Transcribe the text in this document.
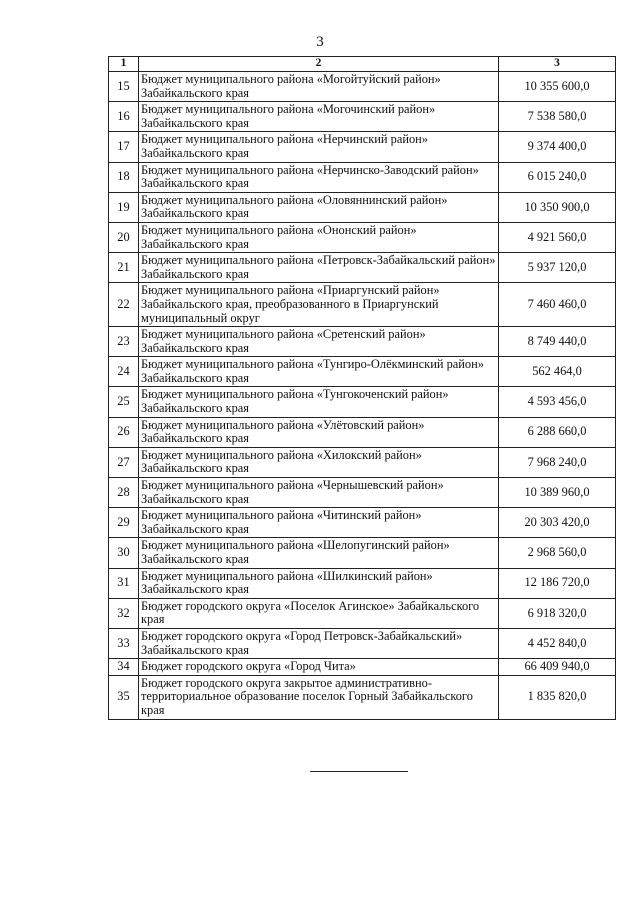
3
1	2	3
15	Бюджет муниципального района «Могойтуйский район» Забайкальского края	10 355 600,0
16	Бюджет муниципального района «Могочинский район» Забайкальского края	7 538 580,0
17	Бюджет муниципального района «Нерчинский район» Забайкальского края	9 374 400,0
18	Бюджет муниципального района «Нерчинско-Заводский район» Забайкальского края	6 015 240,0
19	Бюджет муниципального района «Оловяннинский район» Забайкальского края	10 350 900,0
20	Бюджет муниципального района «Ононский район» Забайкальского края	4 921 560,0
21	Бюджет муниципального района «Петровск-Забайкальский район» Забайкальского края	5 937 120,0
22	Бюджет муниципального района «Приаргунский район» Забайкальского края, преобразованного в Приаргунский муниципальный округ	7 460 460,0
23	Бюджет муниципального района «Сретенский район» Забайкальского края	8 749 440,0
24	Бюджет муниципального района «Тунгиро-Олёкминский район» Забайкальского края	562 464,0
25	Бюджет муниципального района «Тунгокоченский район» Забайкальского края	4 593 456,0
26	Бюджет муниципального района «Улётовский район» Забайкальского края	6 288 660,0
27	Бюджет муниципального района «Хилокский район» Забайкальского края	7 968 240,0
28	Бюджет муниципального района «Чернышевский район» Забайкальского края	10 389 960,0
29	Бюджет муниципального района «Читинский район» Забайкальского края	20 303 420,0
30	Бюджет муниципального района «Шелопугинский район» Забайкальского края	2 968 560,0
31	Бюджет муниципального района «Шилкинский район» Забайкальского края	12 186 720,0
32	Бюджет городского округа «Поселок Агинское» Забайкальского края	6 918 320,0
33	Бюджет городского округа «Город Петровск-Забайкальский» Забайкальского края	4 452 840,0
34	Бюджет городского округа «Город Чита»	66 409 940,0
35	Бюджет городского округа закрытое административно-территориальное образование поселок Горный Забайкальского края	1 835 820,0
